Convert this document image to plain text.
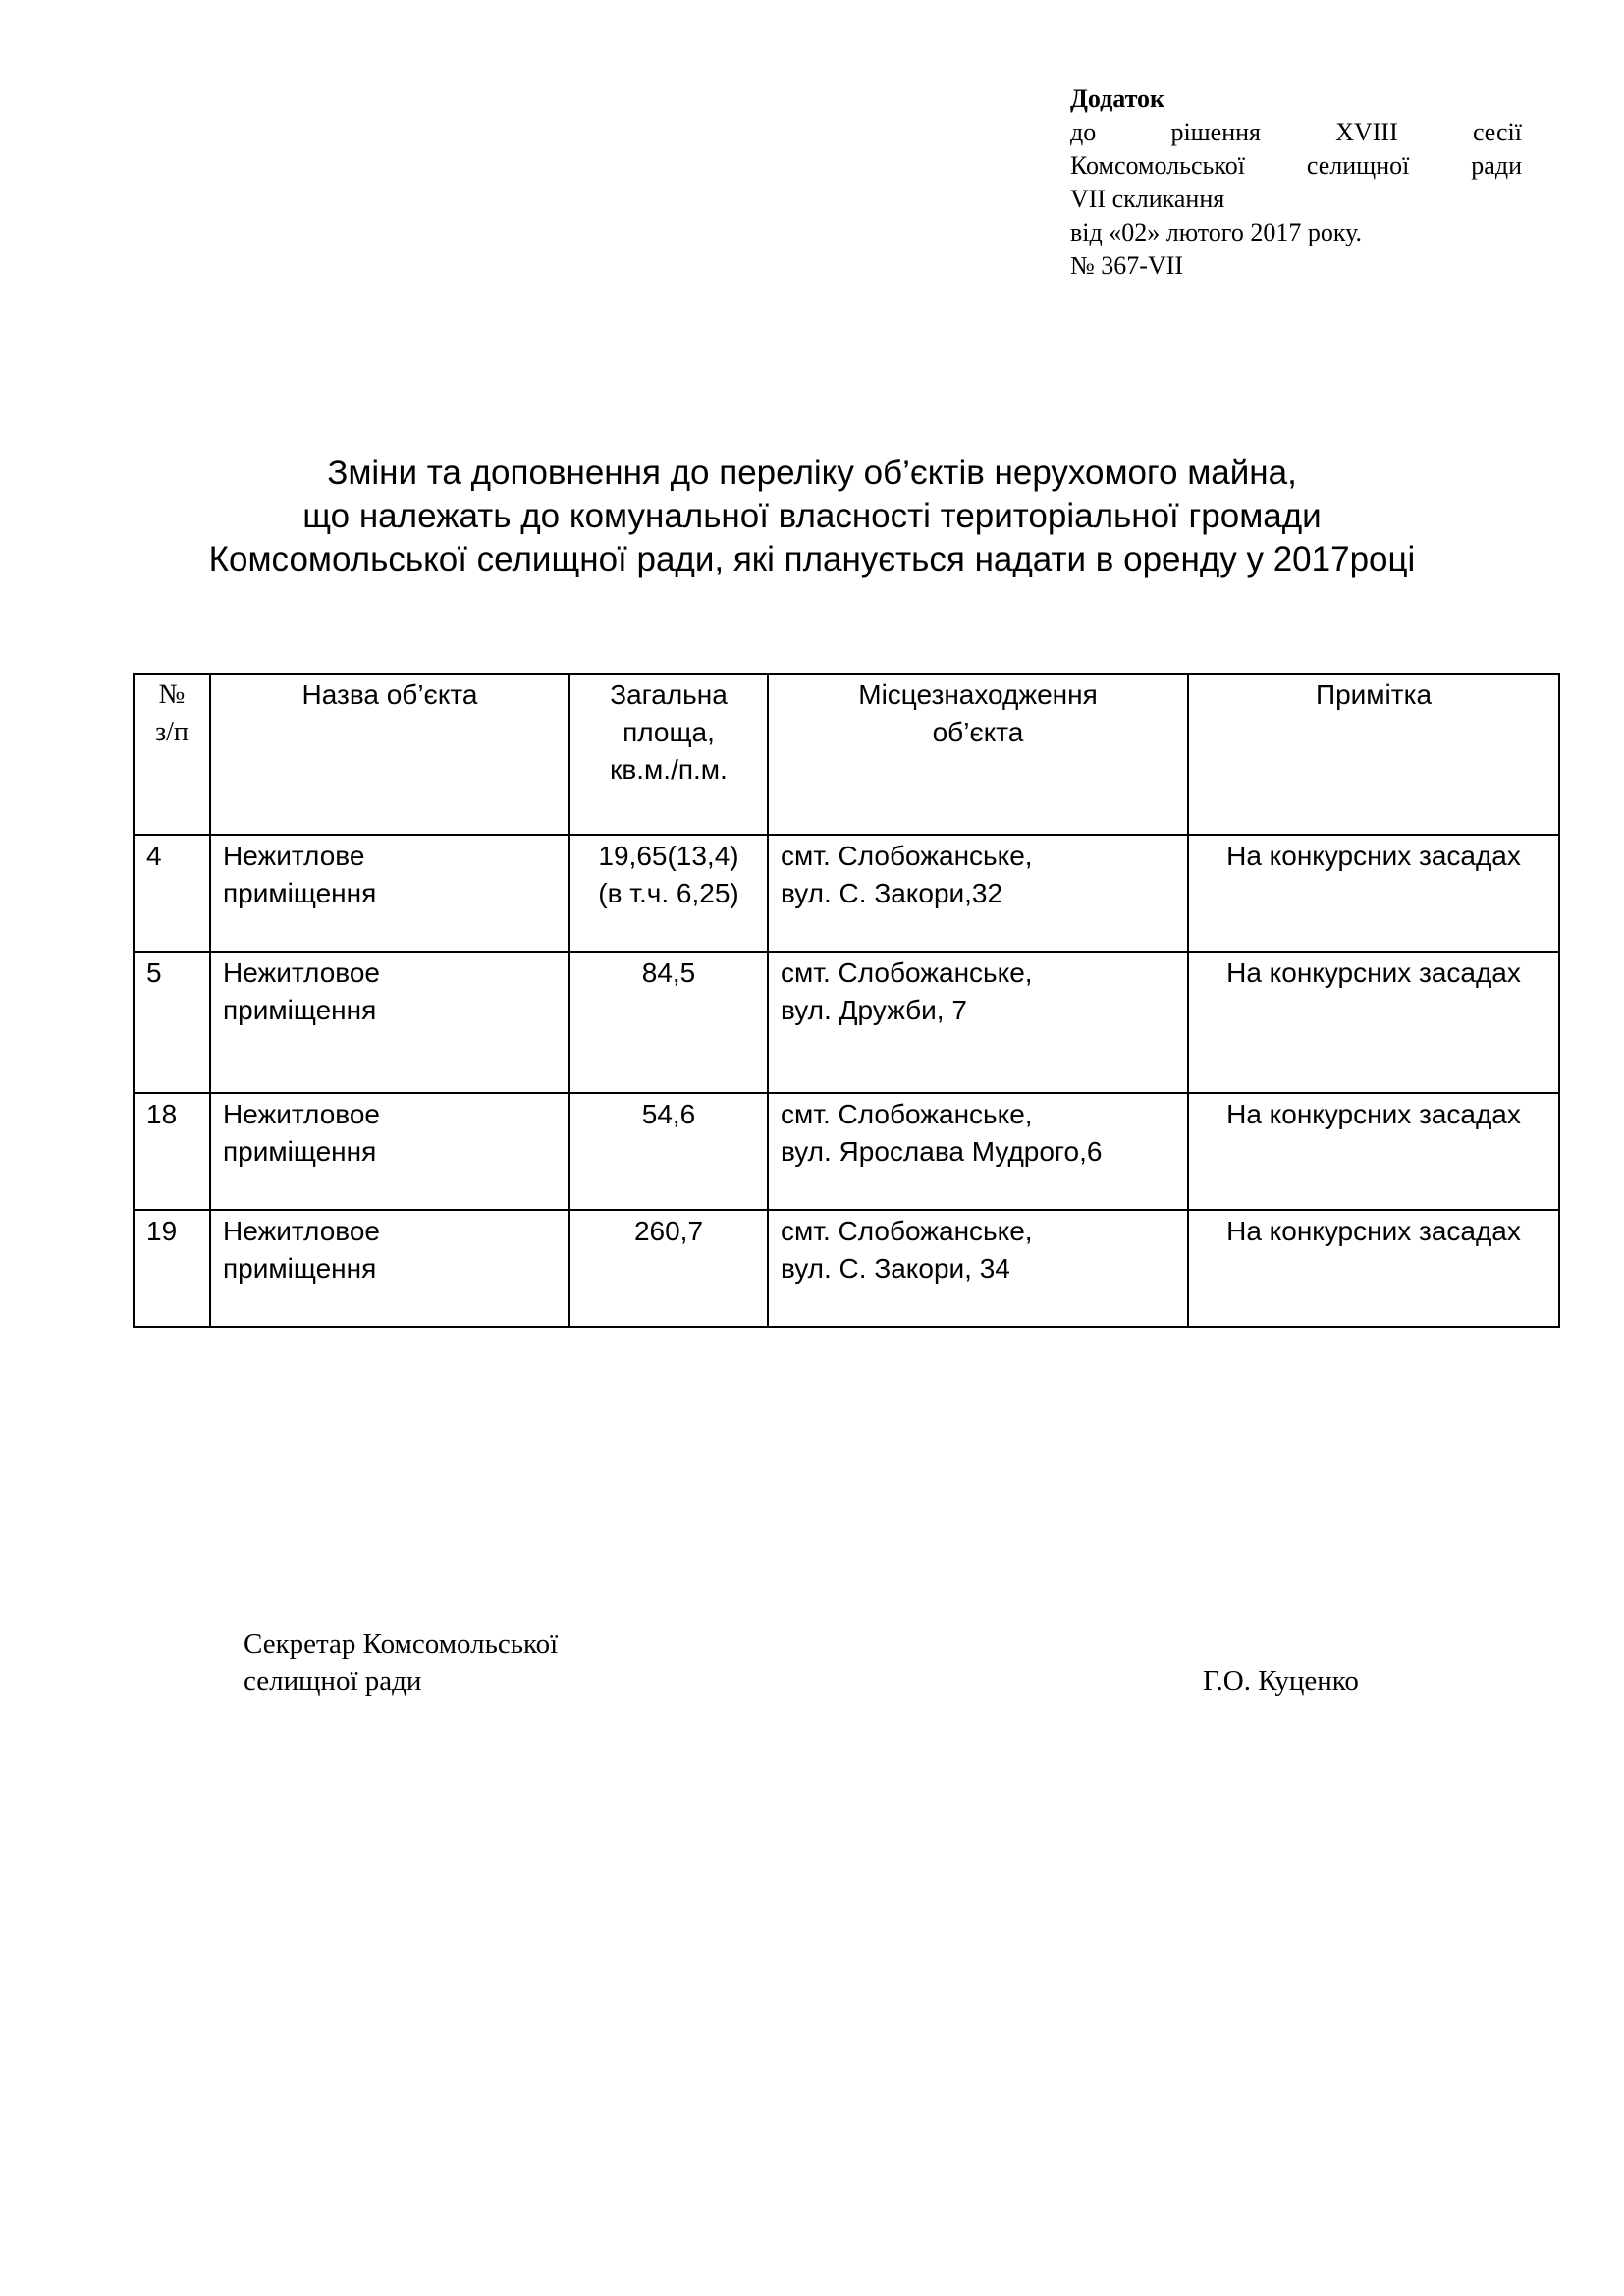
Додаток
до	рішення	XVIII	сесії
Комсомольської селищної ради
VII скликання
від «02» лютого 2017 року.
№ 367-VII
Зміни та доповнення до переліку об’єктів нерухомого майна,
що належать до комунальної власності територіальної громади
Комсомольської селищної ради, які планується надати в оренду у 2017році
№
з/п	Назва об’єкта	Загальна
площа,
кв.м./п.м.	Місцезнаходження
об’єкта	Примітка
4	Нежитлове
приміщення	19,65(13,4)
(в т.ч. 6,25)	смт. Слобожанське,
вул. С. Закори,32	На конкурсних засадах
5	Нежитловое
приміщення	84,5	смт. Слобожанське,
вул. Дружби, 7	На конкурсних засадах
18	Нежитловое
приміщення	54,6	смт. Слобожанське,
вул. Ярослава Мудрого,6	На конкурсних засадах
19	Нежитловое
приміщення	260,7	смт. Слобожанське,
вул. С. Закори, 34	На конкурсних засадах
Секретар Комсомольської
селищної ради	Г.О. Куценко
